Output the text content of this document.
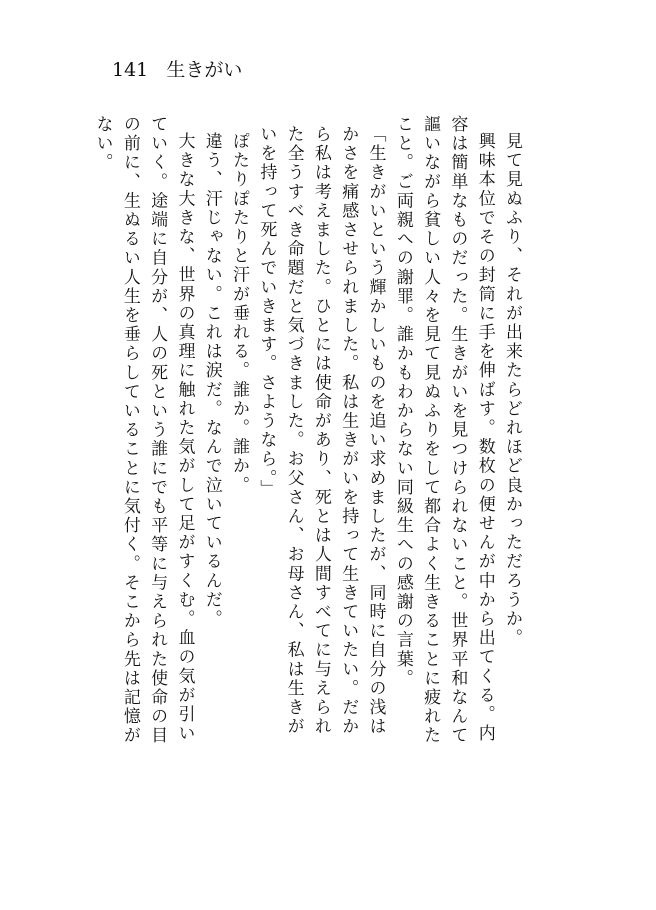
141 生きがい

見て見ぬふり、それが出来たらどれほど良かっただろうか。

興味本位でその封筒に手を伸ばす。数枚の便せんが中から出てくる。内容は簡単なものだった。生きがいを見つけられないこと。世界平和なんて謳いながら貧しい人々を見て見ぬふりをして都合よく生きることに疲れたこと。ご両親への謝罪。誰かもわからない同級生への感謝の言葉。

「生きがいという輝かしいものを追い求めましたが、同時に自分の浅はかさを痛感させられました。私は生きがいを持って生きていたい。だから私は考えました。ひとには使命があり、死とは人間すべてに与えられた全うすべき命題だと気づきました。お父さん、お母さん、私は生きがいを持って死んでいきます。さようなら。」

ぽたりぽたりと汗が垂れる。誰か。誰か。

違う、汗じゃない。これは涙だ。なんで泣いているんだ。

大きな大きな、世界の真理に触れた気がして足がすくむ。血の気が引いていく。途端に自分が、人の死という誰にでも平等に与えられた使命の目の前に、生ぬるい人生を垂らしていることに気付く。そこから先は記憶がない。
